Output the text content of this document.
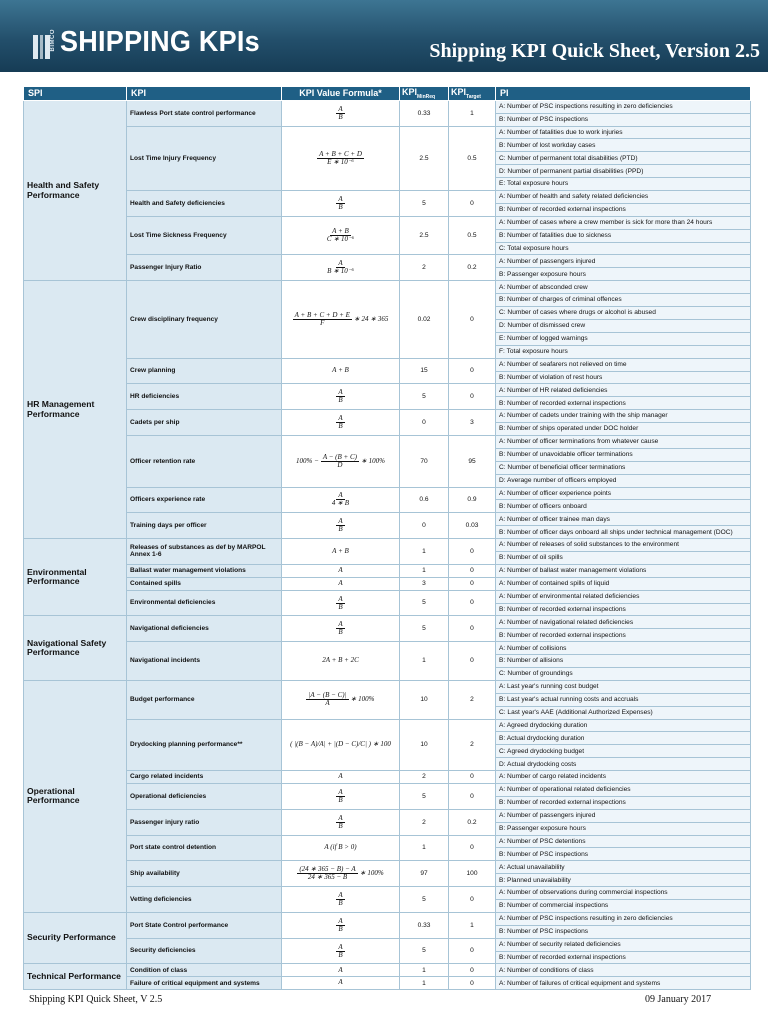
BIMCO SHIPPING KPIs	Shipping KPI Quick Sheet, Version 2.5
SPI	KPI	KPI Value Formula*	$KPI_{MinReq}$	$KPI_{Target}$	PI
Health and Safety Performance	Flawless Port state control performance	$\frac{A}{B}$	0.33	1	A: Number of PSC inspections resulting in zero deficiencies
					B: Number of PSC inspections
	Lost Time Injury Frequency	$\frac{A + B + C + D}{\text{E ∗ 10⁻⁶}}$	2.5	0.5	A: Number of fatalities due to work injuries
					B: Number of lost workday cases
					C: Number of permanent total disabilities (PTD)
					D: Number of permanent partial disabilities (PPD)
					E: Total exposure hours
	Health and Safety deficiencies	$\frac{A}{B}$	5	0	A: Number of health and safety related deficiencies
					B: Number of recorded external inspections
	Lost Time Sickness Frequency	$\frac{A + B}{\text{C ∗ 10⁻⁶}}$	2.5	0.5	A: Number of cases where a crew member is sick for more than 24 hours
					B: Number of fatalities due to sickness
					C: Total exposure hours
	Passenger Injury Ratio	$\frac{A}{\text{B ∗ 10⁻⁶}}$	2	0.2	A: Number of passengers injured
					B: Passenger exposure hours
HR Management Performance	Crew disciplinary frequency	$\frac{A + B + C + D + E}{F}$ ∗ 24 ∗ 365	0.02	0	A: Number of absconded crew
					B: Number of charges of criminal offences
					C: Number of cases where drugs or alcohol is abused
					D: Number of dismissed crew
					E: Number of logged warnings
					F: Total exposure hours
	Crew planning	A + B	15	0	A: Number of seafarers not relieved on time
					B: Number of violation of rest hours
	HR deficiencies	$\frac{A}{B}$	5	0	A: Number of HR related deficiencies
					B: Number of recorded external inspections
	Cadets per ship	$\frac{A}{B}$	0	3	A: Number of cadets under training with the ship manager
					B: Number of ships operated under DOC holder
	Officer retention rate	$100\% - \frac{A - (B + C)}{D}$ ∗ 100%	70	95	A: Number of officer terminations from whatever cause
					B: Number of unavoidable officer terminations
					C: Number of beneficial officer terminations
					D: Average number of officers employed
	Officers experience rate	$\frac{A}{4 ∗ B}$	0.6	0.9	A: Number of officer experience points
					B: Number of officers onboard
	Training days per officer	$\frac{A}{B}$	0	0.03	A: Number of officer trainee man days
					B: Number of officer days onboard all ships under technical management (DOC)
Environmental Performance	Releases of substances as def by MARPOL Annex 1-6	A + B	1	0	A: Number of releases of solid substances to the environment
					B: Number of oil spills
	Ballast water management violations	A	1	0	A: Number of ballast water management violations
	Contained spills	A	3	0	A: Number of contained spills of liquid
	Environmental deficiencies	$\frac{A}{B}$	5	0	A: Number of environmental related deficiencies
					B: Number of recorded external inspections
Navigational Safety Performance	Navigational deficiencies	$\frac{A}{B}$	5	0	A: Number of navigational related deficiencies
					B: Number of recorded external inspections
	Navigational incidents	2A + B + 2C	1	0	A: Number of collisions
					B: Number of allisions
					C: Number of groundings
Operational Performance	Budget performance	$\frac{|A - (B - C)|}{A}$ ∗ 100%	10	2	A: Last year's running cost budget
					B: Last year's actual running costs and accruals
					C: Last year's AAE (Additional Authorized Expenses)
	Drydocking planning performance**	( |(B − A)/A| + |(D − C)/C| ) ∗ 100	10	2	A: Agreed drydocking duration
					B: Actual drydocking duration
					C: Agreed drydocking budget
					D: Actual drydocking costs
	Cargo related incidents	A	2	0	A: Number of cargo related incidents
	Operational deficiencies	$\frac{A}{B}$	5	0	A: Number of operational related deficiencies
					B: Number of recorded external inspections
	Passenger injury ratio	$\frac{A}{B}$	2	0.2	A: Number of passengers injured
					B: Passenger exposure hours
	Port state control detention	A (if B > 0)	1	0	A: Number of PSC detentions
					B: Number of PSC inspections
	Ship availability	$\frac{(24 ∗ 365 - B) - A}{24 ∗ 365 - B}$ ∗ 100%	97	100	A: Actual unavailability
					B: Planned unavailability
	Vetting deficiencies	$\frac{A}{B}$	5	0	A: Number of observations during commercial inspections
					B: Number of commercial inspections
Security Performance	Port State Control performance	$\frac{A}{B}$	0.33	1	A: Number of PSC inspections resulting in zero deficiencies
					B: Number of PSC inspections
	Security deficiencies	$\frac{A}{B}$	5	0	A: Number of security related deficiencies
					B: Number of recorded external inspections
Technical Performance	Condition of class	A	1	0	A: Number of conditions of class
	Failure of critical equipment and systems	A	1	0	A: Number of failures of critical equipment and systems
Shipping KPI Quick Sheet, V 2.5	09 January 2017
